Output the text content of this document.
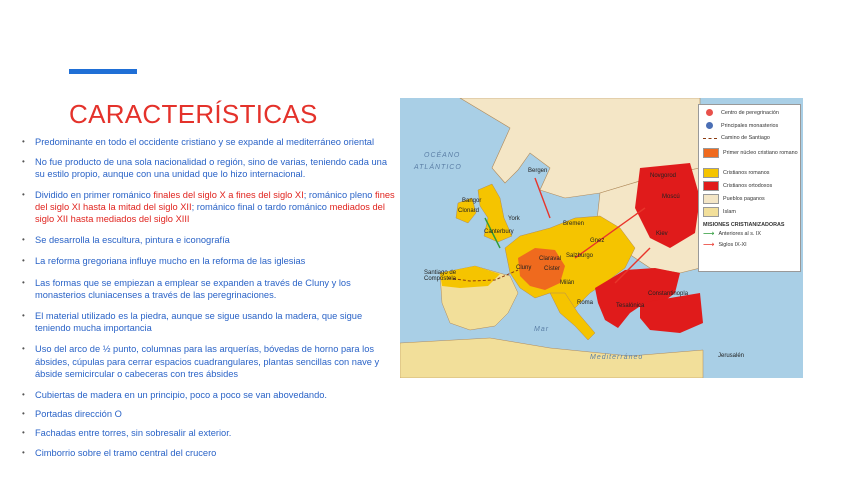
CARACTERÍSTICAS
• Predominante en todo el occidente cristiano y se expande al mediterráneo oriental
• No fue producto de una sola nacionalidad o región, sino de varias, teniendo cada una su estilo propio, aunque con una unidad que lo hizo internacional.
• Dividido en primer románico finales del siglo X a fines del siglo XI; románico pleno fines del siglo XI hasta la mitad del siglo XII; románico final o tardo románico mediados del siglo XII hasta mediados del siglo XIII
• Se desarrolla la escultura, pintura e iconografía
• La reforma gregoriana influye mucho en la reforma de las iglesias
• Las formas que se empiezan a emplear se expanden a través de Cluny y los monasterios cluniacenses a través de las peregrinaciones.
• El material utilizado es la piedra, aunque se sigue usando la madera, que sigue teniendo mucha importancia
• Uso del arco de ½ punto, columnas para las arquerías, bóvedas de horno para los ábsides, cúpulas para cerrar espacios cuadrangulares, plantas sencillas con nave y ábside semicircular o cabeceras con tres ábsides
• Cubiertas de madera en un principio, poco a poco se van abovedando.
• Portadas dirección O
• Fachadas entre torres, sin sobresalir al exterior.
• Cimborrio sobre el tramo central del crucero
OCÉANO
ATLÁNTICO
Mar
Mediterráneo
Bergen
Bangor
Clonard
York
Canterbury
Bremen
Salzburgo
Claraval
Cluny Císter
Milán
Roma
Gnez
Novgorod
Moscú
Kiev
Tesalónica
Constantinopla
Santiago de Compostela
Jerusalén
Centro de peregrinación
Principales monasterios
Camino de Santiago
Primer núcleo cristiano romano
Cristianos romanos
Cristianos ortodoxos
Pueblos paganos
Islam
MISIONES CRISTIANIZADORAS
⟶ Anteriores al s. IX
⟶ Siglos IX-XI
